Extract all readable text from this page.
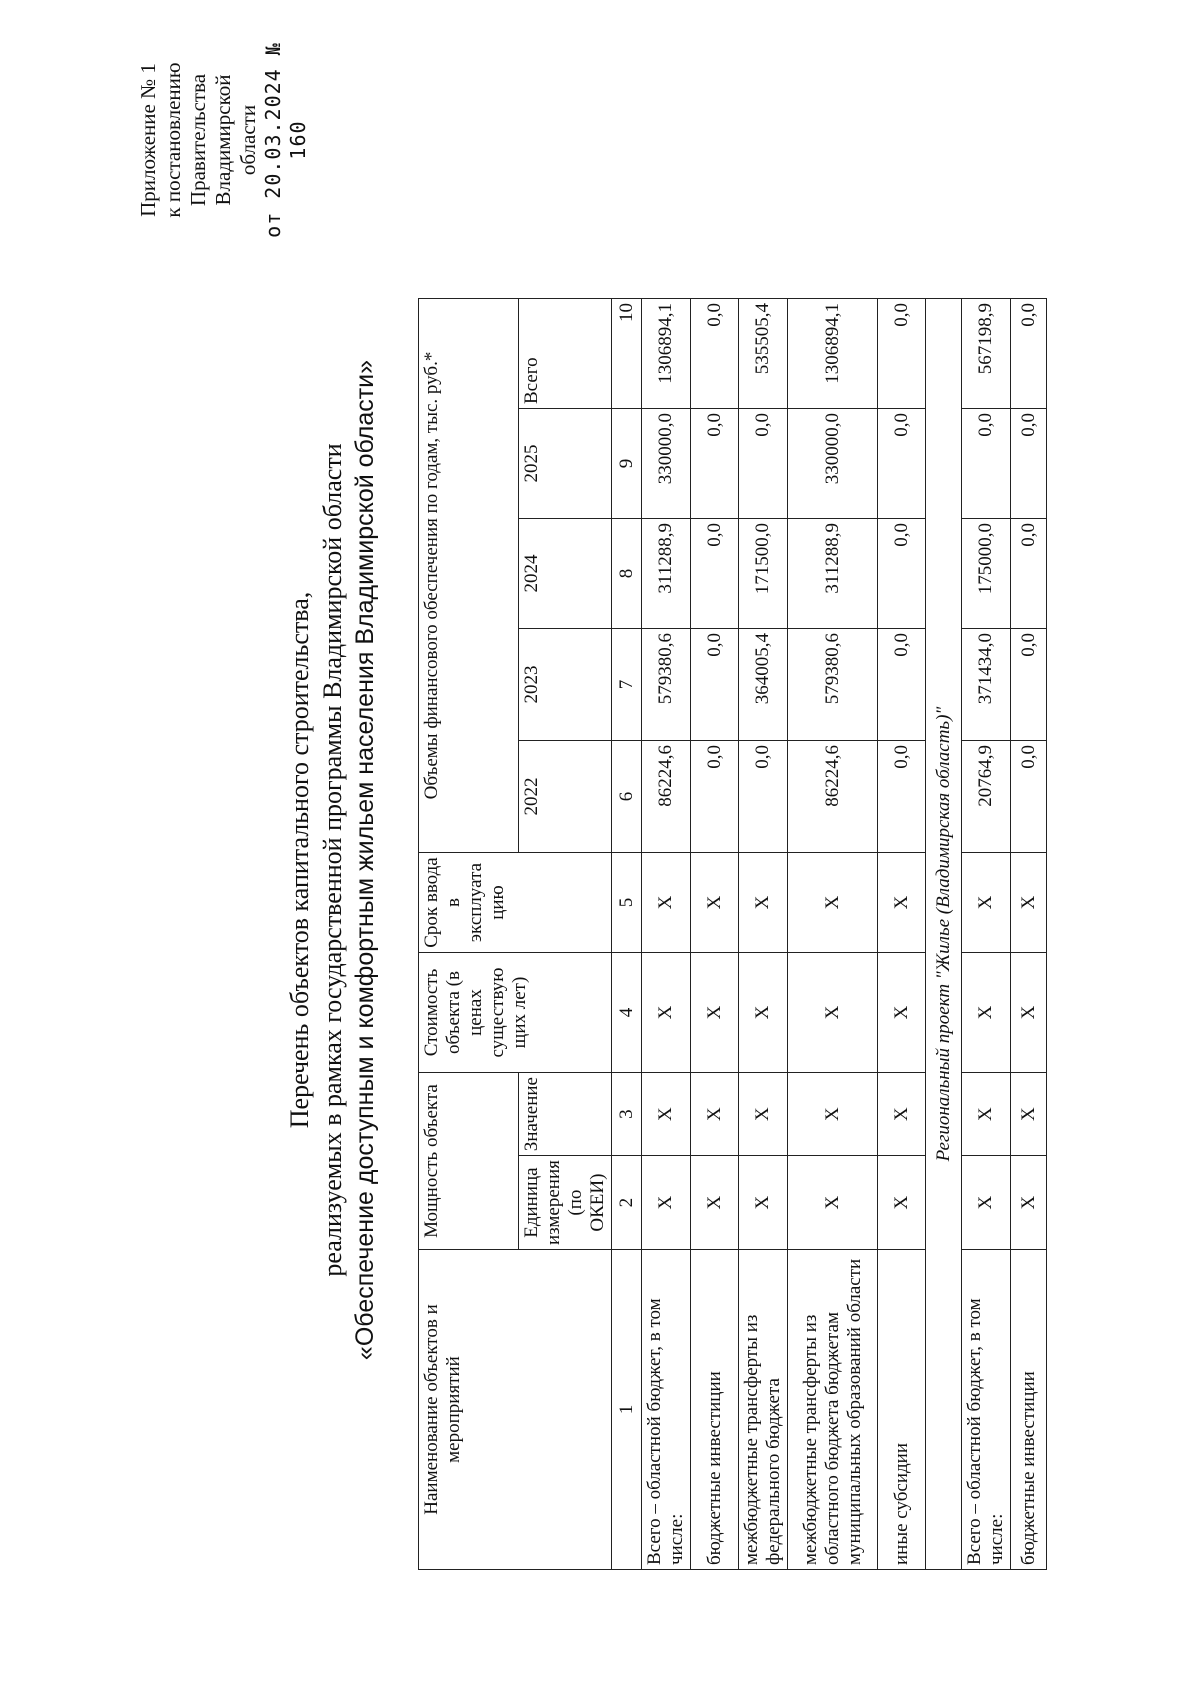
Приложение № 1 к постановлению Правительства Владимирской области от 20.03.2024 № 160
Перечень объектов капитального строительства, реализуемых в рамках государственной программы Владимирской области «Обеспечение доступным и комфортным жильем населения Владимирской области»
Наименование объектов и мероприятий	Мощность объекта		Стоимость объекта (в ценах существую щих лет)	Срок ввода в эксплуата цию	Объемы финансового обеспечения по годам, тыс. руб.*				
	Единица измерения (по ОКЕИ)	Значение			2022	2023	2024	2025	Всего
1	2	3	4	5	6	7	8	9	10
Всего – областной бюджет, в том числе:	Х	Х	Х	Х	86224,6	579380,6	311288,9	330000,0	1306894,1
бюджетные инвестиции	Х	Х	Х	Х	0,0	0,0	0,0	0,0	0,0
межбюджетные трансферты из федерального бюджета	Х	Х	Х	Х	0,0	364005,4	171500,0	0,0	535505,4
межбюджетные трансферты из областного бюджета бюджетам муниципальных образований области	Х	Х	Х	Х	86224,6	579380,6	311288,9	330000,0	1306894,1
иные субсидии	Х	Х	Х	Х	0,0	0,0	0,0	0,0	0,0
Региональный проект "Жилье (Владимирская область)"									
Всего – областной бюджет, в том числе:	Х	Х	Х	Х	20764,9	371434,0	175000,0	0,0	567198,9
бюджетные инвестиции	Х	Х	Х	Х	0,0	0,0	0,0	0,0	0,0
